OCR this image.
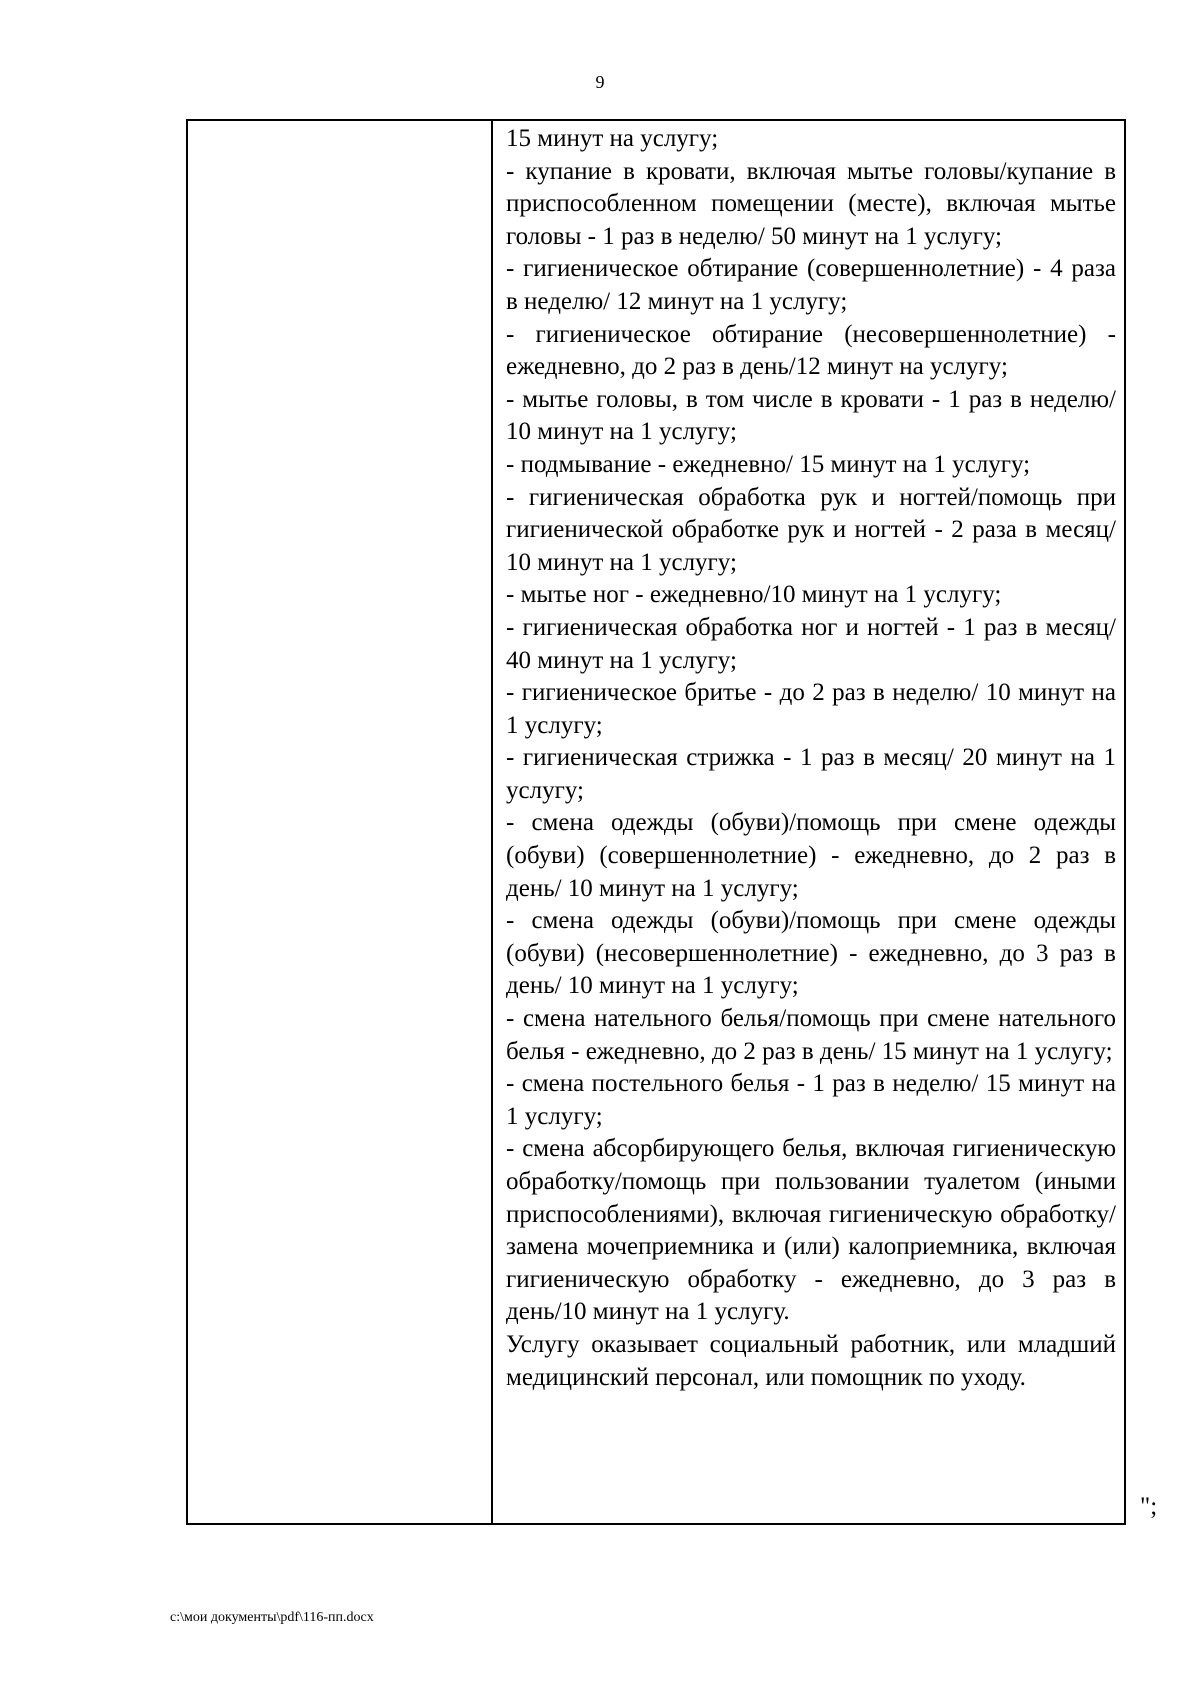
9

15 минут на услугу;

- купание в кровати, включая мытье головы/купание в приспособленном помещении (месте), включая мытье головы - 1 раз в неделю/ 50 минут на 1 услугу;

- гигиеническое обтирание (совершеннолетние) - 4 раза в неделю/ 12 минут на 1 услугу;

- гигиеническое обтирание (несовершеннолетние) - ежедневно, до 2 раз в день/12 минут на услугу;

- мытье головы, в том числе в кровати - 1 раз в неделю/ 10 минут на 1 услугу;

- подмывание - ежедневно/ 15 минут на 1 услугу;

- гигиеническая обработка рук и ногтей/помощь при гигиенической обработке рук и ногтей - 2 раза в месяц/ 10 минут на 1 услугу;

- мытье ног - ежедневно/10 минут на 1 услугу;

- гигиеническая обработка ног и ногтей - 1 раз в месяц/ 40 минут на 1 услугу;

- гигиеническое бритье - до 2 раз в неделю/ 10 минут на 1 услугу;

- гигиеническая стрижка - 1 раз в месяц/ 20 минут на 1 услугу;

- смена одежды (обуви)/помощь при смене одежды (обуви) (совершеннолетние) - ежедневно, до 2 раз в день/ 10 минут на 1 услугу;

- смена одежды (обуви)/помощь при смене одежды (обуви) (несовершеннолетние) - ежедневно, до 3 раз в день/ 10 минут на 1 услугу;

- смена нательного белья/помощь при смене нательного белья - ежедневно, до 2 раз в день/ 15 минут на 1 услугу;

- смена постельного белья - 1 раз в неделю/ 15 минут на 1 услугу;

- смена абсорбирующего белья, включая гигиеническую обработку/помощь при пользовании туалетом (иными приспособлениями), включая гигиеническую обработку/замена мочеприемника и (или) калоприемника, включая гигиеническую обработку - ежедневно, до 3 раз в день/10 минут на 1 услугу.

Услугу оказывает социальный работник, или младший медицинский персонал, или помощник по уходу.

";
c:\мои документы\pdf\116-пп.docx
